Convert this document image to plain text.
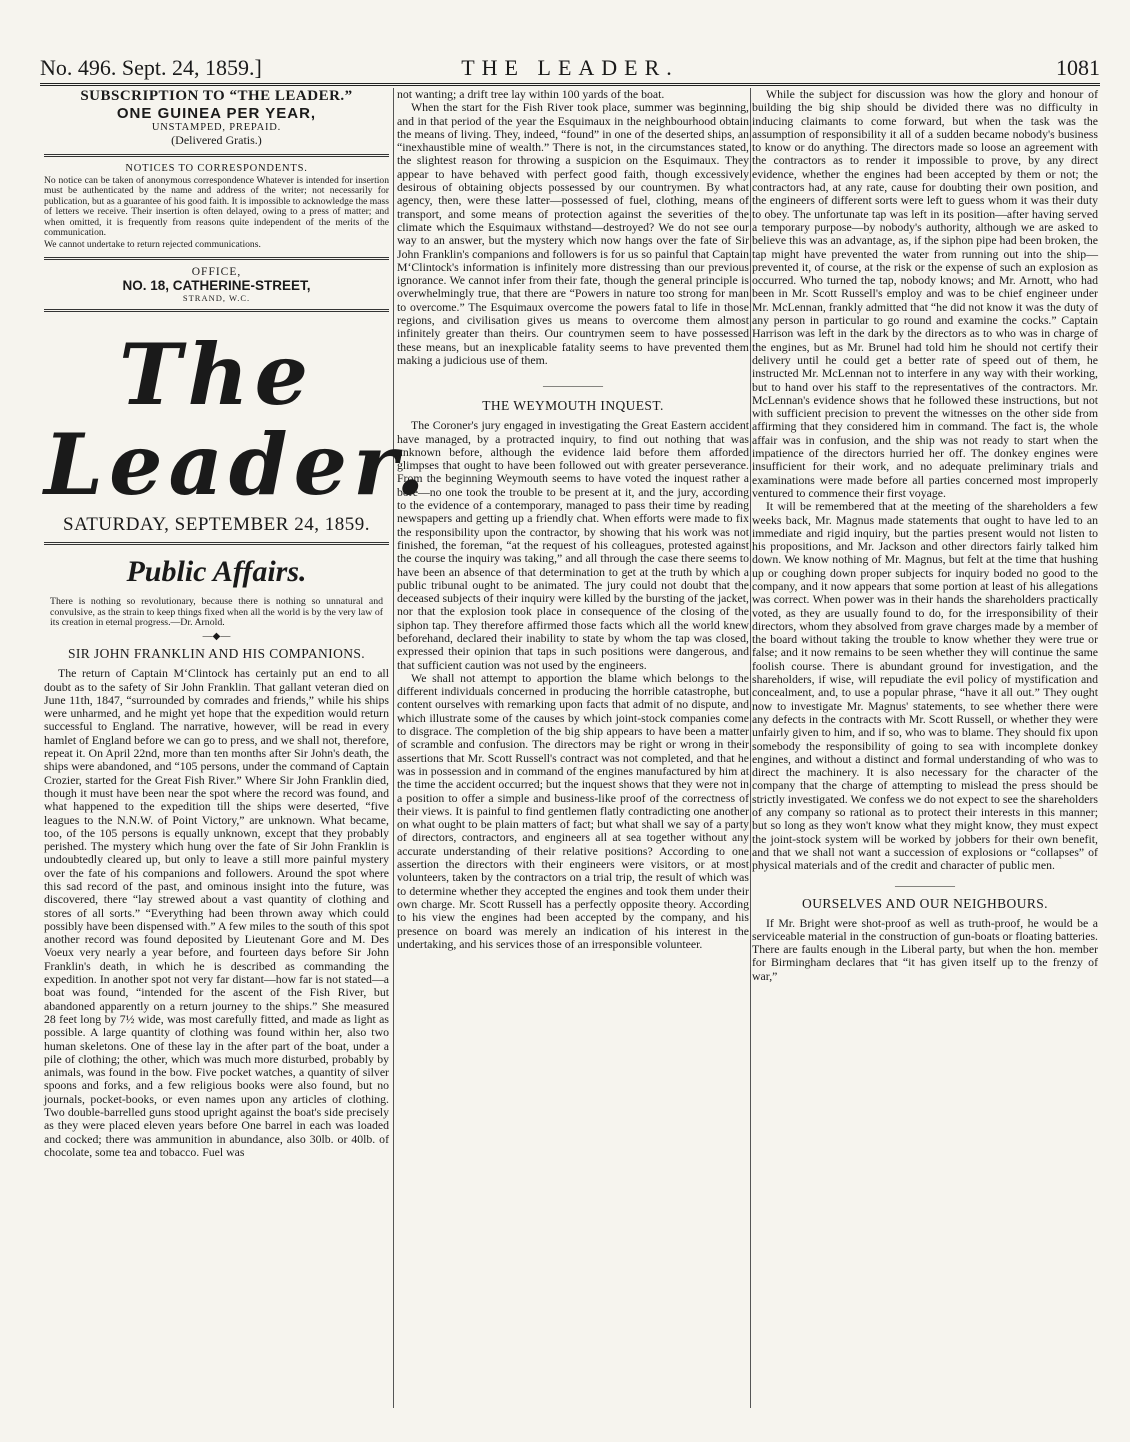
No. 496. Sept. 24, 1859.]	THE LEADER.	1081
SUBSCRIPTION TO “THE LEADER.”
ONE GUINEA PER YEAR,
UNSTAMPED, PREPAID.
(Delivered Gratis.)
NOTICES TO CORRESPONDENTS.
No notice can be taken of anonymous correspondence Whatever is intended for insertion must be authenticated by the name and address of the writer; not necessarily for publication, but as a guarantee of his good faith. It is impossible to acknowledge the mass of letters we receive. Their insertion is often delayed, owing to a press of matter; and when omitted, it is frequently from reasons quite independent of the merits of the communication.
We cannot undertake to return rejected communications.
OFFICE,
NO. 18, CATHERINE-STREET,
STRAND, W.C.
The Leader.
SATURDAY, SEPTEMBER 24, 1859.
Public Affairs.
There is nothing so revolutionary, because there is nothing so unnatural and convulsive, as the strain to keep things fixed when all the world is by the very law of its creation in eternal progress.—Dr. Arnold.
—◆—
SIR JOHN FRANKLIN AND HIS COMPANIONS.

The return of Captain M‘Clintock has certainly put an end to all doubt as to the safety of Sir John Franklin. That gallant veteran died on June 11th, 1847, “surrounded by comrades and friends,” while his ships were unharmed, and he might yet hope that the expedition would return successful to England. The narrative, however, will be read in every hamlet of England before we can go to press, and we shall not, therefore, repeat it. On April 22nd, more than ten months after Sir John's death, the ships were abandoned, and “105 persons, under the command of Captain Crozier, started for the Great Fish River.” Where Sir John Franklin died, though it must have been near the spot where the record was found, and what happened to the expedition till the ships were deserted, “five leagues to the N.N.W. of Point Victory,” are unknown. What became, too, of the 105 persons is equally unknown, except that they probably perished. The mystery which hung over the fate of Sir John Franklin is undoubtedly cleared up, but only to leave a still more painful mystery over the fate of his companions and followers. Around the spot where this sad record of the past, and ominous insight into the future, was discovered, there “lay strewed about a vast quantity of clothing and stores of all sorts.” “Everything had been thrown away which could possibly have been dispensed with.” A few miles to the south of this spot another record was found deposited by Lieutenant Gore and M. Des Voeux very nearly a year before, and fourteen days before Sir John Franklin's death, in which he is described as commanding the expedition. In another spot not very far distant—how far is not stated—a boat was found, “intended for the ascent of the Fish River, but abandoned apparently on a return journey to the ships.” She measured 28 feet long by 7½ wide, was most carefully fitted, and made as light as possible. A large quantity of clothing was found within her, also two human skeletons. One of these lay in the after part of the boat, under a pile of clothing; the other, which was much more disturbed, probably by animals, was found in the bow. Five pocket watches, a quantity of silver spoons and forks, and a few religious books were also found, but no journals, pocket-books, or even names upon any articles of clothing. Two double-barrelled guns stood upright against the boat's side precisely as they were placed eleven years before One barrel in each was loaded and cocked; there was ammunition in abundance, also 30lb. or 40lb. of chocolate, some tea and tobacco. Fuel was

not wanting; a drift tree lay within 100 yards of the boat.

When the start for the Fish River took place, summer was beginning, and in that period of the year the Esquimaux in the neighbourhood obtain the means of living. They, indeed, “found” in one of the deserted ships, an “inexhaustible mine of wealth.” There is not, in the circumstances stated, the slightest reason for throwing a suspicion on the Esquimaux. They appear to have behaved with perfect good faith, though excessively desirous of obtaining objects possessed by our countrymen. By what agency, then, were these latter—possessed of fuel, clothing, means of transport, and some means of protection against the severities of the climate which the Esquimaux withstand—destroyed? We do not see our way to an answer, but the mystery which now hangs over the fate of Sir John Franklin's companions and followers is for us so painful that Captain M‘Clintock's information is infinitely more distressing than our previous ignorance. We cannot infer from their fate, though the general principle is overwhelmingly true, that there are “Powers in nature too strong for man to overcome.” The Esquimaux overcome the powers fatal to life in those regions, and civilisation gives us means to overcome them almost infinitely greater than theirs. Our countrymen seem to have possessed these means, but an inexplicable fatality seems to have prevented them making a judicious use of them.

——————
THE WEYMOUTH INQUEST.

The Coroner's jury engaged in investigating the Great Eastern accident have managed, by a protracted inquiry, to find out nothing that was unknown before, although the evidence laid before them afforded glimpses that ought to have been followed out with greater perseverance. From the beginning Weymouth seems to have voted the inquest rather a bore—no one took the trouble to be present at it, and the jury, according to the evidence of a contemporary, managed to pass their time by reading newspapers and getting up a friendly chat. When efforts were made to fix the responsibility upon the contractor, by showing that his work was not finished, the foreman, “at the request of his colleagues, protested against the course the inquiry was taking,” and all through the case there seems to have been an absence of that determination to get at the truth by which a public tribunal ought to be animated. The jury could not doubt that the deceased subjects of their inquiry were killed by the bursting of the jacket, nor that the explosion took place in consequence of the closing of the siphon tap. They therefore affirmed those facts which all the world knew beforehand, declared their inability to state by whom the tap was closed, expressed their opinion that taps in such positions were dangerous, and that sufficient caution was not used by the engineers.

We shall not attempt to apportion the blame which belongs to the different individuals concerned in producing the horrible catastrophe, but content ourselves with remarking upon facts that admit of no dispute, and which illustrate some of the causes by which joint-stock companies come to disgrace. The completion of the big ship appears to have been a matter of scramble and confusion. The directors may be right or wrong in their assertions that Mr. Scott Russell's contract was not completed, and that he was in possession and in command of the engines manufactured by him at the time the accident occurred; but the inquest shows that they were not in a position to offer a simple and business-like proof of the correctness of their views. It is painful to find gentlemen flatly contradicting one another on what ought to be plain matters of fact; but what shall we say of a party of directors, contractors, and engineers all at sea together without any accurate understanding of their relative positions? According to one assertion the directors with their engineers were visitors, or at most volunteers, taken by the contractors on a trial trip, the result of which was to determine whether they accepted the engines and took them under their own charge. Mr. Scott Russell has a perfectly opposite theory. According to his view the engines had been accepted by the company, and his presence on board was merely an indication of his interest in the undertaking, and his services those of an irresponsible volunteer.

While the subject for discussion was how the glory and honour of building the big ship should be divided there was no difficulty in inducing claimants to come forward, but when the task was the assumption of responsibility it all of a sudden became nobody's business to know or do anything. The directors made so loose an agreement with the contractors as to render it impossible to prove, by any direct evidence, whether the engines had been accepted by them or not; the contractors had, at any rate, cause for doubting their own position, and the engineers of different sorts were left to guess whom it was their duty to obey. The unfortunate tap was left in its position—after having served a temporary purpose—by nobody's authority, although we are asked to believe this was an advantage, as, if the siphon pipe had been broken, the tap might have prevented the water from running out into the ship—prevented it, of course, at the risk or the expense of such an explosion as occurred. Who turned the tap, nobody knows; and Mr. Arnott, who had been in Mr. Scott Russell's employ and was to be chief engineer under Mr. McLennan, frankly admitted that “he did not know it was the duty of any person in particular to go round and examine the cocks.” Captain Harrison was left in the dark by the directors as to who was in charge of the engines, but as Mr. Brunel had told him he should not certify their delivery until he could get a better rate of speed out of them, he instructed Mr. McLennan not to interfere in any way with their working, but to hand over his staff to the representatives of the contractors. Mr. McLennan's evidence shows that he followed these instructions, but not with sufficient precision to prevent the witnesses on the other side from affirming that they considered him in command. The fact is, the whole affair was in confusion, and the ship was not ready to start when the impatience of the directors hurried her off. The donkey engines were insufficient for their work, and no adequate preliminary trials and examinations were made before all parties concerned most improperly ventured to commence their first voyage.

It will be remembered that at the meeting of the shareholders a few weeks back, Mr. Magnus made statements that ought to have led to an immediate and rigid inquiry, but the parties present would not listen to his propositions, and Mr. Jackson and other directors fairly talked him down. We know nothing of Mr. Magnus, but felt at the time that hushing up or coughing down proper subjects for inquiry boded no good to the company, and it now appears that some portion at least of his allegations was correct. When power was in their hands the shareholders practically voted, as they are usually found to do, for the irresponsibility of their directors, whom they absolved from grave charges made by a member of the board without taking the trouble to know whether they were true or false; and it now remains to be seen whether they will continue the same foolish course. There is abundant ground for investigation, and the shareholders, if wise, will repudiate the evil policy of mystification and concealment, and, to use a popular phrase, “have it all out.” They ought now to investigate Mr. Magnus' statements, to see whether there were any defects in the contracts with Mr. Scott Russell, or whether they were unfairly given to him, and if so, who was to blame. They should fix upon somebody the responsibility of going to sea with incomplete donkey engines, and without a distinct and formal understanding of who was to direct the machinery. It is also necessary for the character of the company that the charge of attempting to mislead the press should be strictly investigated. We confess we do not expect to see the shareholders of any company so rational as to protect their interests in this manner; but so long as they won't know what they might know, they must expect the joint-stock system will be worked by jobbers for their own benefit, and that we shall not want a succession of explosions or “collapses” of physical materials and of the credit and character of public men.

——————
OURSELVES AND OUR NEIGHBOURS.

If Mr. Bright were shot-proof as well as truth-proof, he would be a serviceable material in the construction of gun-boats or floating batteries. There are faults enough in the Liberal party, but when the hon. member for Birmingham declares that “it has given itself up to the frenzy of war,”
